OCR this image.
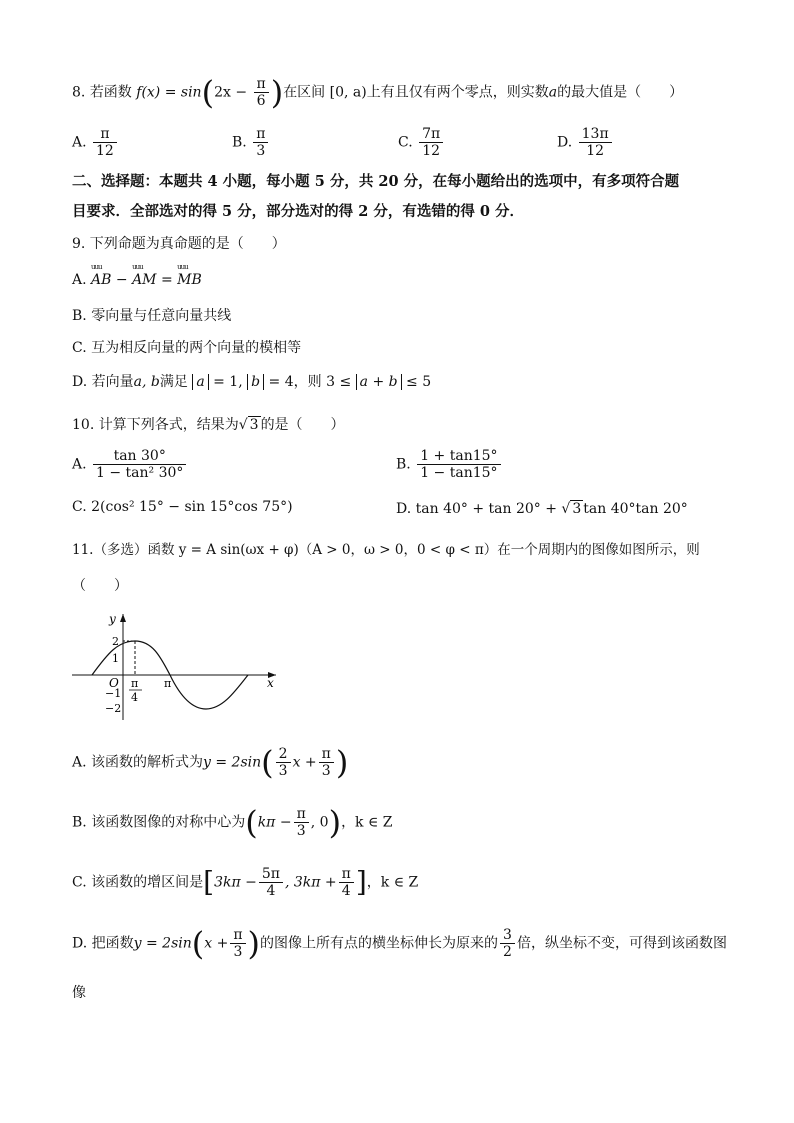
8. 若函数 $f(x) = \sin(2x - \frac{\pi}{6}$ )在区间 [0, a)上有且仅有两个零点，则实数a的最大值是（　　）
A. $\frac{\pi}{12}$	B. $\frac{\pi}{3}$	C. $\frac{7\pi}{12}$	D. $\frac{13\pi}{12}$
二、选择题：本题共 4 小题，每小题 5 分，共 20 分，在每小题给出的选项中，有多项符合题
目要求．全部选对的得 5 分，部分选对的得 2 分，有选错的得 0 分．
9. 下列命题为真命题的是（　　）
A. uuu AB − uuu AM = uuu MB
B. 零向量与任意向量共线
C. 互为相反向量的两个向量的模相等
D. 若向量a, b满足 a = 1, b = 4，则 3 ≤ a + b ≤ 5
10. 计算下列各式，结果为√ 3 的是（　　）
A. $\frac{\tan 30^\circ}{\text{1 − tan² 30°}}$	B. $\frac{1 + \tan 15^\circ}{1 - \tan 15^\circ}$
C. 2(cos² 15° − sin 15°cos 75°)	D. tan 40° + tan 20° + √ 3 tan 40°tan 20°
11.（多选）函数 y = A sin(ωx + φ)（A > 0，ω > 0，0 < φ < π）在一个周期内的图像如图所示，则
（　　）
y
x
O
2
1
−1
−2
π
4
π
A. 该函数的解析式为$y = 2\sin( \frac{2}{3}$ $x + \frac{\pi}{3}$ )
B. 该函数图像的对称中心为($k\pi - \frac{\pi}{3}$ , 0)，k ∈ Z
C. 该函数的增区间是[$3k\pi - \frac{5\pi}{4}$ , $3k\pi + \frac{\pi}{4}$ ]，k ∈ Z
D. 把函数$y = 2\sin(x + \frac{\pi}{3}$ )的图像上所有点的横坐标伸长为原来的 $\frac{3}{2}$ 倍，纵坐标不变，可得到该函数图
像
